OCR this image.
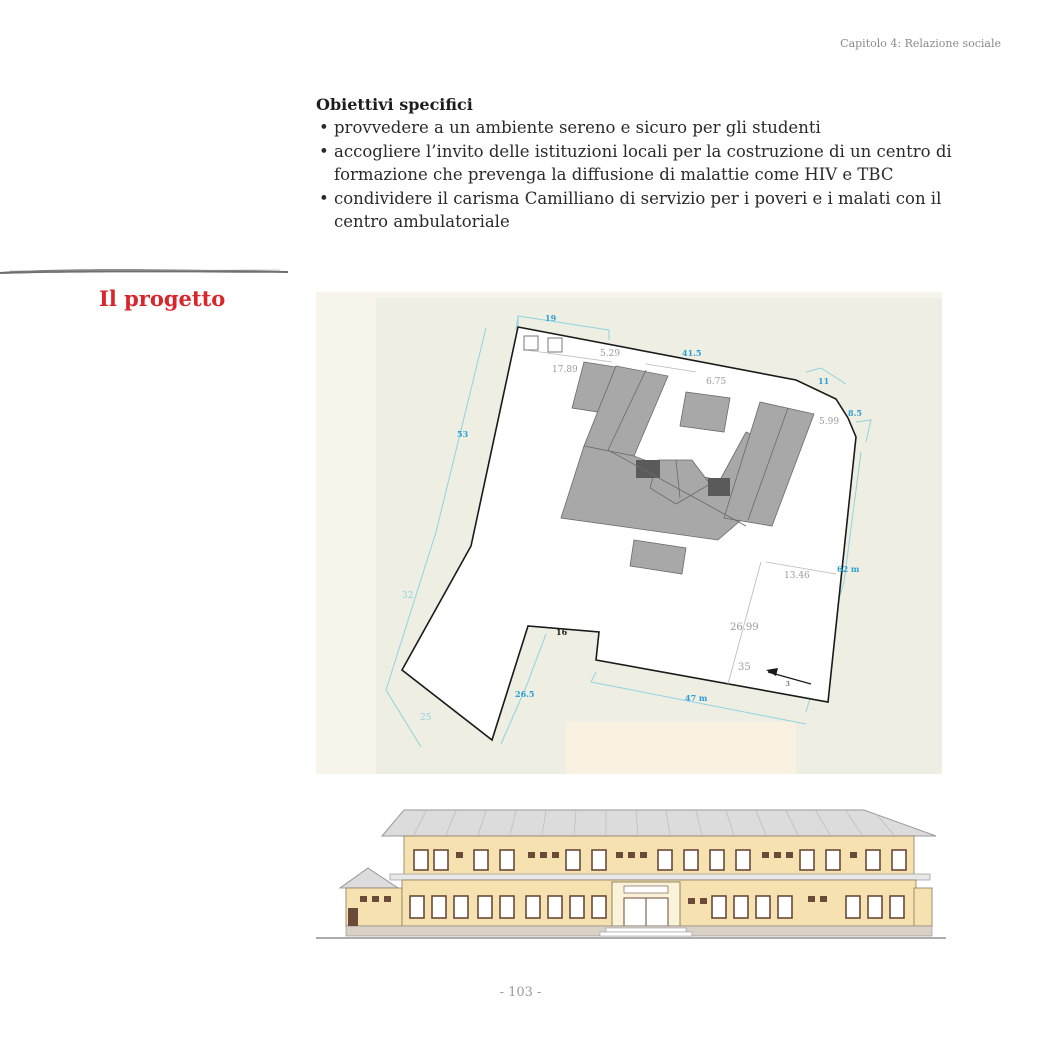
Capitolo 4: Relazione sociale
Obiettivi specifici
• provvedere a un ambiente sereno e sicuro per gli studenti
• accogliere l’invito delle istituzioni locali per la costruzione di un centro di formazione che prevenga la diffusione di malattie come HIV e TBC
• condividere il carisma Camilliano di servizio per i poveri e i malati con il centro ambulatoriale
Il progetto
19
41.5
11
8.5
53
62 m
47 m
26.5
16
32
25
5.29
17.89
6.75
5.99
13.46
26.99
35
3
- 103 -
